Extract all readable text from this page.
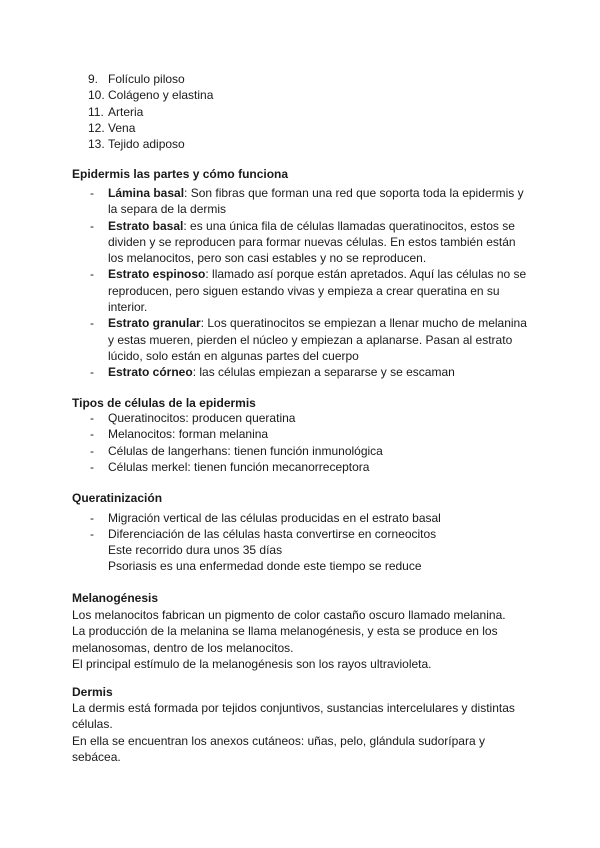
9. Folículo piloso
10. Colágeno y elastina
11. Arteria
12. Vena
13. Tejido adiposo
Epidermis las partes y cómo funciona
-	Lámina basal: Son fibras que forman una red que soporta toda la epidermis y la separa de la dermis
-	Estrato basal: es una única fila de células llamadas queratinocitos, estos se dividen y se reproducen para formar nuevas células. En estos también están los melanocitos, pero son casi estables y no se reproducen.
-	Estrato espinoso: llamado así porque están apretados. Aquí las células no se reproducen, pero siguen estando vivas y empieza a crear queratina en su interior.
-	Estrato granular: Los queratinocitos se empiezan a llenar mucho de melanina y estas mueren, pierden el núcleo y empiezan a aplanarse. Pasan al estrato lúcido, solo están en algunas partes del cuerpo
-	Estrato córneo: las células empiezan a separarse y se escaman
Tipos de células de la epidermis
-	Queratinocitos: producen queratina
-	Melanocitos: forman melanina
-	Células de langerhans: tienen función inmunológica
-	Células merkel: tienen función mecanorreceptora
Queratinización
-	Migración vertical de las células producidas en el estrato basal
-	Diferenciación de las células hasta convertirse en corneocitos
Este recorrido dura unos 35 días
Psoriasis es una enfermedad donde este tiempo se reduce
Melanogénesis

Los melanocitos fabrican un pigmento de color castaño oscuro llamado melanina.

La producción de la melanina se llama melanogénesis, y esta se produce en los melanosomas, dentro de los melanocitos.

El principal estímulo de la melanogénesis son los rayos ultravioleta.

Dermis

La dermis está formada por tejidos conjuntivos, sustancias intercelulares y distintas células.

En ella se encuentran los anexos cutáneos: uñas, pelo, glándula sudorípara y sebácea.
